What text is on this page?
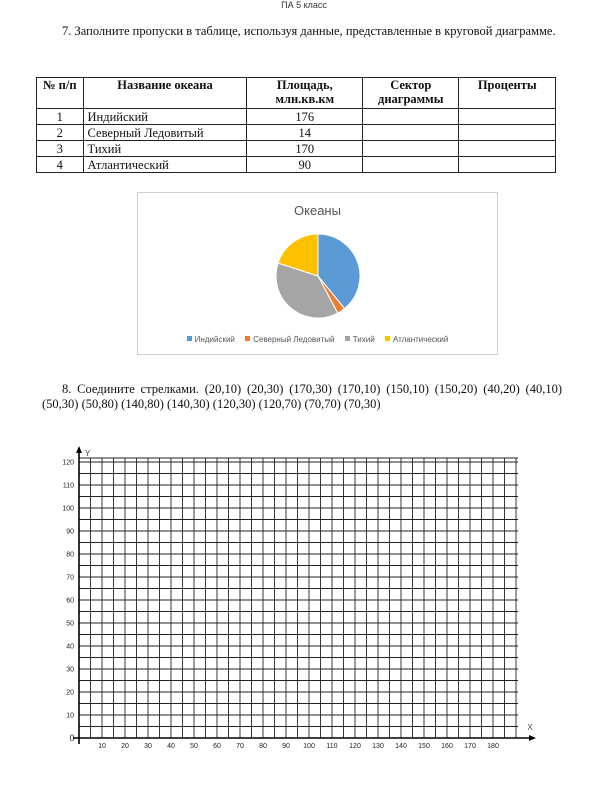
ПА 5 класс
7. Заполните пропуски в таблице, используя данные, представленные в круговой диаграмме.
№ п/п	Название океана	Площадь, млн.кв.км	Сектор диаграммы	Проценты
1	Индийский	176		
2	Северный Ледовитый	14		
3	Тихий	170		
4	Атлантический	90		
Океаны
Индийский Северный Ледовитый Тихий Атлантический
8. Соедините стрелками. (20,10) (20,30) (170,30) (170,10) (150,10) (150,20) (40,20) (40,10) (50,30) (50,80) (140,80) (140,30) (120,30) (120,70) (70,70) (70,30)
10 20 30 40 50 60 70 80 90 100 110 120 130 140 150 160 170 180
10
20
30
40
50
60
70
80
90
100
110
120
0
X
Y
